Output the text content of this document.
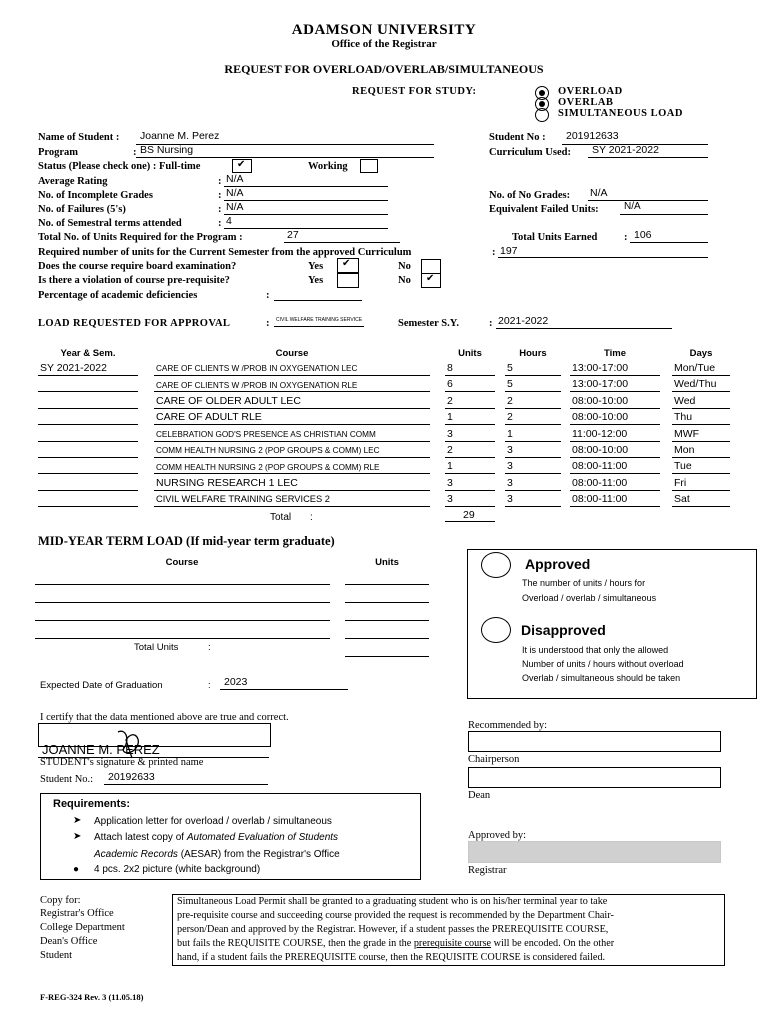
ADAMSON UNIVERSITY
Office of the Registrar
REQUEST FOR OVERLOAD/OVERLAB/SIMULTANEOUS
REQUEST FOR STUDY:	OVERLOAD
OVERLAB
SIMULTANEOUS LOAD
Name of Student : Joanne M. Perez
Program	: BS Nursing
Status (Please check one) : Full-time	✔	Working
Average Rating	: N/A
No. of Incomplete Grades	: N/A
No. of Failures (5's)	: N/A
No. of Semestral terms attended	: 4
Total No. of Units Required for the Program :	27
Required number of units for the Current Semester from the approved Curriculum	: 197
Does the course require board examination?	Yes ✔	No
Is there a violation of course pre-requisite?	Yes	No ✔
Percentage of academic deficiencies	:
Student No : 201912633
Curriculum Used: SY 2021-2022
No. of No Grades: N/A
Equivalent Failed Units:	N/A
Total Units Earned	: 106
LOAD REQUESTED FOR APPROVAL	: CIVIL WELFARE TRAINING SERVICE	Semester S.Y.	: 2021-2022
Year & Sem.	Course	Units	Hours	Time	Days
SY 2021-2022	CARE OF CLIENTS W /PROB IN OXYGENATION LEC	8	5	13:00-17:00	Mon/Tue
CARE OF CLIENTS W /PROB IN OXYGENATION RLE	6	5	13:00-17:00	Wed/Thu
CARE OF OLDER ADULT LEC	2	2	08:00-10:00	Wed
CARE OF ADULT RLE	1	2	08:00-10:00	Thu
CELEBRATION GOD'S PRESENCE AS CHRISTIAN COMM	3	1	11:00-12:00	MWF
COMM HEALTH NURSING 2 (POP GROUPS & COMM) LEC	2	3	08:00-10:00	Mon
COMM HEALTH NURSING 2 (POP GROUPS & COMM) RLE	1	3	08:00-11:00	Tue
NURSING RESEARCH 1 LEC	3	3	08:00-11:00	Fri
CIVIL WELFARE TRAINING SERVICES 2	3	3	08:00-11:00	Sat
Total :	29
MID-YEAR TERM LOAD (If mid-year term graduate)
Course	Units
Total Units	:
Expected Date of Graduation	: 2023
Approved
The number of units / hours for
Overload / overlab / simultaneous
Disapproved
It is understood that only the allowed
Number of units / hours without overload
Overlab / simultaneous should be taken
I certify that the data mentioned above are true and correct.
JOANNE M. PEREZ
STUDENT's signature & printed name
Student No.: 20192633
Recommended by:
Chairperson
Dean
Approved by:
Registrar
Requirements:
➤ Application letter for overload / overlab / simultaneous
➤ Attach latest copy of Automated Evaluation of Students
Academic Records (AESAR) from the Registrar's Office
● 4 pcs. 2x2 picture (white background)
Copy for:
Registrar's Office
College Department
Dean's Office
Student
Simultaneous Load Permit shall be granted to a graduating student who is on his/her terminal year to take
pre-requisite course and succeeding course provided the request is recommended by the Department Chair-
person/Dean and approved by the Registrar. However, if a student passes the PREREQUISITE COURSE,
but fails the REQUISITE COURSE, then the grade in the prerequisite course will be encoded. On the other
hand, if a student fails the PREREQUISITE course, then the REQUISITE COURSE is considered failed.
F-REG-324 Rev. 3 (11.05.18)
